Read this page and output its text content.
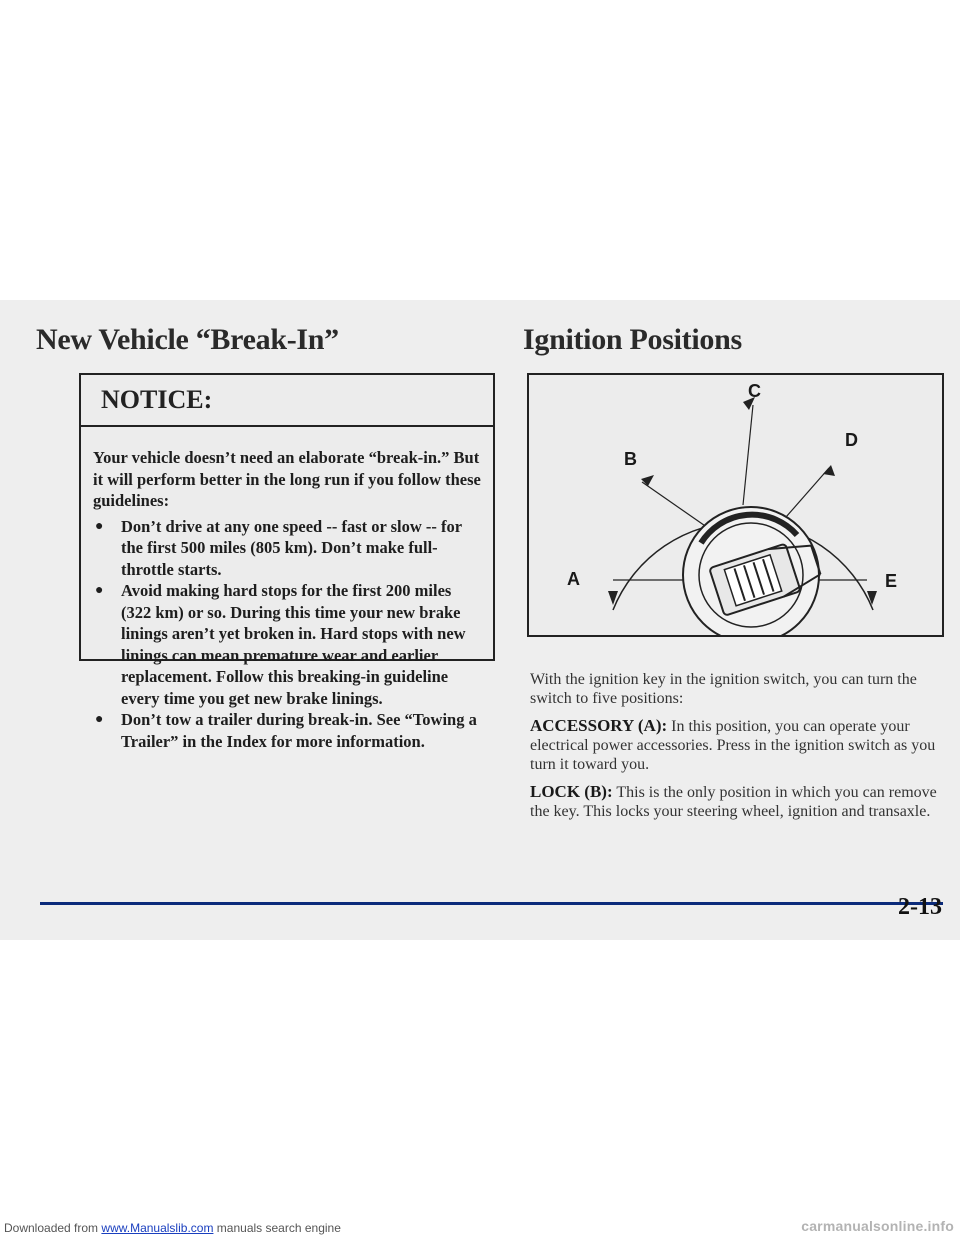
New Vehicle “Break-In”	Ignition Positions
NOTICE:

Your vehicle doesn’t need an elaborate “break-in.” But it will perform better in the long run if you follow these guidelines:

● Don’t drive at any one speed -- fast or slow -- for the first 500 miles (805 km). Don’t make full-throttle starts.
● Avoid making hard stops for the first 200 miles (322 km) or so. During this time your new brake linings aren’t yet broken in. Hard stops with new linings can mean premature wear and earlier replacement. Follow this breaking-in guideline every time you get new brake linings.
● Don’t tow a trailer during break-in. See “Towing a Trailer” in the Index for more information.
A
B
C
D
E

With the ignition key in the ignition switch, you can turn the switch to five positions:

ACCESSORY (A): In this position, you can operate your electrical power accessories. Press in the ignition switch as you turn it toward you.

LOCK (B): This is the only position in which you can remove the key. This locks your steering wheel, ignition and transaxle.

2-13
Downloaded from www.Manualslib.com manuals search engine	carmanualsonline.info
